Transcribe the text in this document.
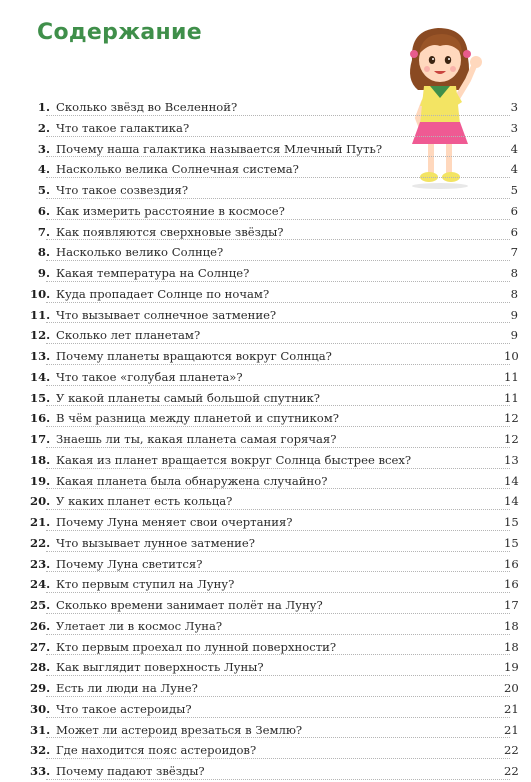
Содержание
1. Сколько звёзд во Вселенной?	3
2. Что такое галактика?	3
3. Почему наша галактика называется Млечный Путь?	4
4. Насколько велика Солнечная система?	4
5. Что такое созвездия?	5
6. Как измерить расстояние в космосе?	6
7. Как появляются сверхновые звёзды?	6
8. Насколько велико Солнце?	7
9. Какая температура на Солнце?	8
10. Куда пропадает Солнце по ночам?	8
11. Что вызывает солнечное затмение?	9
12. Сколько лет планетам?	9
13. Почему планеты вращаются вокруг Солнца?	10
14. Что такое «голубая планета»?	11
15. У какой планеты самый большой спутник?	11
16. В чём разница между планетой и спутником?	12
17. Знаешь ли ты, какая планета самая горячая?	12
18. Какая из планет вращается вокруг Солнца быстрее всех?	13
19. Какая планета была обнаружена случайно?	14
20. У каких планет есть кольца?	14
21. Почему Луна меняет свои очертания?	15
22. Что вызывает лунное затмение?	15
23. Почему Луна светится?	16
24. Кто первым ступил на Луну?	16
25. Сколько времени занимает полёт на Луну?	17
26. Улетает ли в космос Луна?	18
27. Кто первым проехал по лунной поверхности?	18
28. Как выглядит поверхность Луны?	19
29. Есть ли люди на Луне?	20
30. Что такое астероиды?	21
31. Может ли астероид врезаться в Землю?	21
32. Где находится пояс астероидов?	22
33. Почему падают звёзды?	22
